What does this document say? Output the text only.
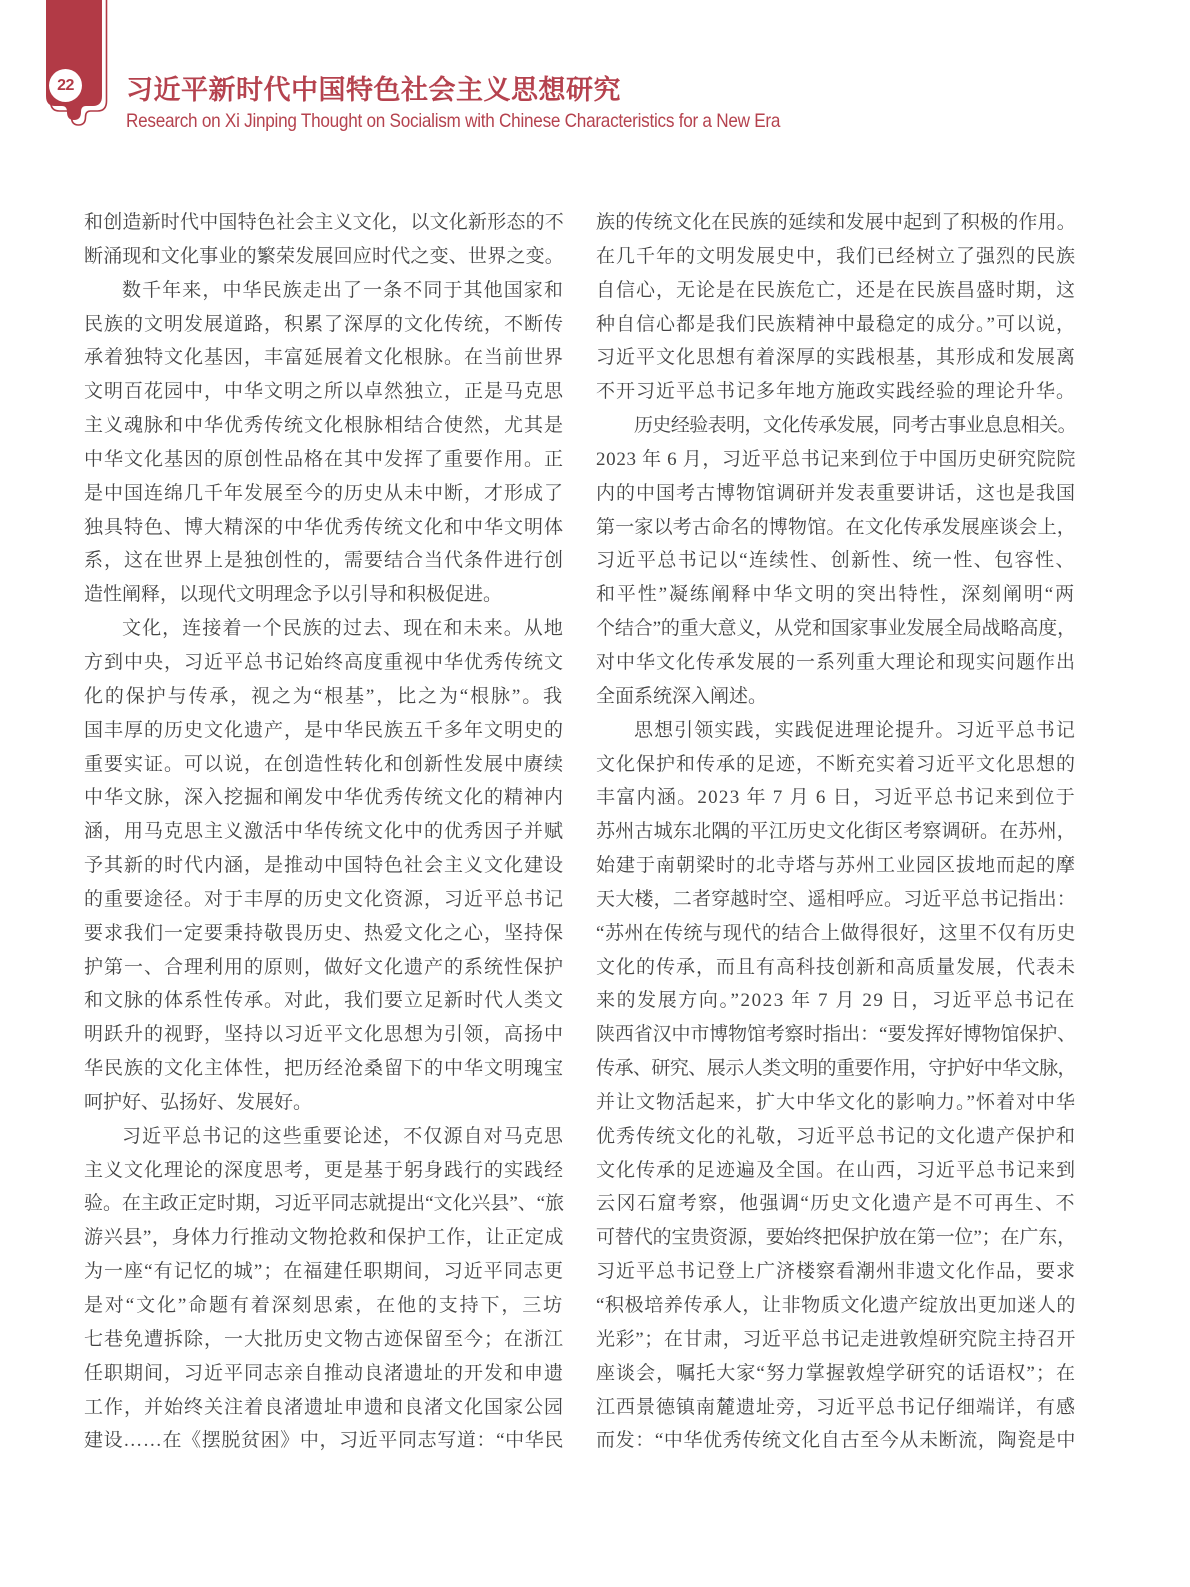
22	习近平新时代中国特色社会主义思想研究
Research on Xi Jinping Thought on Socialism with Chinese Characteristics for a New Era
和创造新时代中国特色社会主义文化，以文化新形态的不
断涌现和文化事业的繁荣发展回应时代之变、世界之变。
数千年来，中华民族走出了一条不同于其他国家和
民族的文明发展道路，积累了深厚的文化传统，不断传
承着独特文化基因，丰富延展着文化根脉。在当前世界
文明百花园中，中华文明之所以卓然独立，正是马克思
主义魂脉和中华优秀传统文化根脉相结合使然，尤其是
中华文化基因的原创性品格在其中发挥了重要作用。正
是中国连绵几千年发展至今的历史从未中断，才形成了
独具特色、博大精深的中华优秀传统文化和中华文明体
系，这在世界上是独创性的，需要结合当代条件进行创
造性阐释，以现代文明理念予以引导和积极促进。
文化，连接着一个民族的过去、现在和未来。从地
方到中央，习近平总书记始终高度重视中华优秀传统文
化的保护与传承，视之为“根基”，比之为“根脉”。我
国丰厚的历史文化遗产，是中华民族五千多年文明史的
重要实证。可以说，在创造性转化和创新性发展中赓续
中华文脉，深入挖掘和阐发中华优秀传统文化的精神内
涵，用马克思主义激活中华传统文化中的优秀因子并赋
予其新的时代内涵，是推动中国特色社会主义文化建设
的重要途径。对于丰厚的历史文化资源，习近平总书记
要求我们一定要秉持敬畏历史、热爱文化之心，坚持保
护第一、合理利用的原则，做好文化遗产的系统性保护
和文脉的体系性传承。对此，我们要立足新时代人类文
明跃升的视野，坚持以习近平文化思想为引领，高扬中
华民族的文化主体性，把历经沧桑留下的中华文明瑰宝
呵护好、弘扬好、发展好。
习近平总书记的这些重要论述，不仅源自对马克思
主义文化理论的深度思考，更是基于躬身践行的实践经
验。在主政正定时期，习近平同志就提出“文化兴县”、“旅
游兴县”，身体力行推动文物抢救和保护工作，让正定成
为一座“有记忆的城”；在福建任职期间，习近平同志更
是对“文化”命题有着深刻思索，在他的支持下，三坊
七巷免遭拆除，一大批历史文物古迹保留至今；在浙江
任职期间，习近平同志亲自推动良渚遗址的开发和申遗
工作，并始终关注着良渚遗址申遗和良渚文化国家公园
建设……在《摆脱贫困》中，习近平同志写道：“中华民
族的传统文化在民族的延续和发展中起到了积极的作用。
在几千年的文明发展史中，我们已经树立了强烈的民族
自信心，无论是在民族危亡，还是在民族昌盛时期，这
种自信心都是我们民族精神中最稳定的成分。”可以说，
习近平文化思想有着深厚的实践根基，其形成和发展离
不开习近平总书记多年地方施政实践经验的理论升华。
历史经验表明，文化传承发展，同考古事业息息相关。
2023 年 6 月，习近平总书记来到位于中国历史研究院院
内的中国考古博物馆调研并发表重要讲话，这也是我国
第一家以考古命名的博物馆。在文化传承发展座谈会上，
习近平总书记以“连续性、创新性、统一性、包容性、
和平性”凝练阐释中华文明的突出特性，深刻阐明“两
个结合”的重大意义，从党和国家事业发展全局战略高度，
对中华文化传承发展的一系列重大理论和现实问题作出
全面系统深入阐述。
思想引领实践，实践促进理论提升。习近平总书记
文化保护和传承的足迹，不断充实着习近平文化思想的
丰富内涵。2023 年 7 月 6 日，习近平总书记来到位于
苏州古城东北隅的平江历史文化街区考察调研。在苏州，
始建于南朝梁时的北寺塔与苏州工业园区拔地而起的摩
天大楼，二者穿越时空、遥相呼应。习近平总书记指出：
“苏州在传统与现代的结合上做得很好，这里不仅有历史
文化的传承，而且有高科技创新和高质量发展，代表未
来的发展方向。”2023 年 7 月 29 日，习近平总书记在
陕西省汉中市博物馆考察时指出：“要发挥好博物馆保护、
传承、研究、展示人类文明的重要作用，守护好中华文脉，
并让文物活起来，扩大中华文化的影响力。”怀着对中华
优秀传统文化的礼敬，习近平总书记的文化遗产保护和
文化传承的足迹遍及全国。在山西，习近平总书记来到
云冈石窟考察，他强调“历史文化遗产是不可再生、不
可替代的宝贵资源，要始终把保护放在第一位”；在广东，
习近平总书记登上广济楼察看潮州非遗文化作品，要求
“积极培养传承人，让非物质文化遗产绽放出更加迷人的
光彩”；在甘肃，习近平总书记走进敦煌研究院主持召开
座谈会，嘱托大家“努力掌握敦煌学研究的话语权”；在
江西景德镇南麓遗址旁，习近平总书记仔细端详，有感
而发：“中华优秀传统文化自古至今从未断流，陶瓷是中
